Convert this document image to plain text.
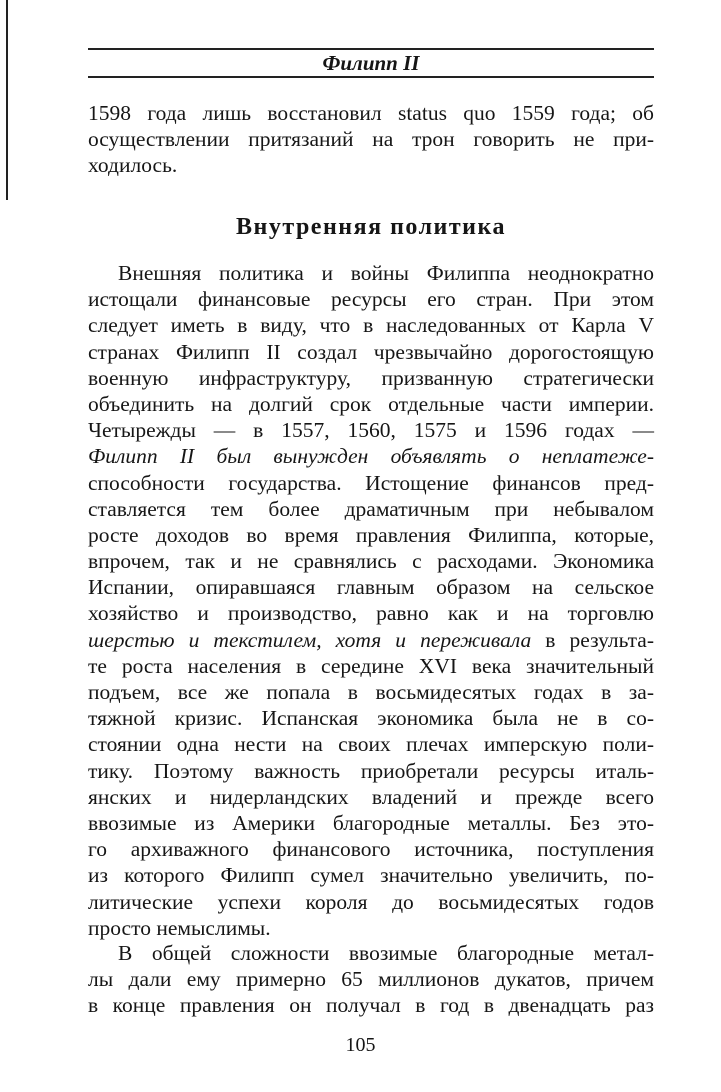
Филипп II
1598 года лишь восстановил status quo 1559 года; об
осуществлении притязаний на трон говорить не при-
ходилось.
Внутренняя политика
Внешняя политика и войны Филиппа неоднократно
истощали финансовые ресурсы его стран. При этом
следует иметь в виду, что в наследованных от Карла V
странах Филипп II создал чрезвычайно дорогостоящую
военную инфраструктуру, призванную стратегически
объединить на долгий срок отдельные части империи.
Четырежды — в 1557, 1560, 1575 и 1596 годах —
Филипп II был вынужден объявлять о неплатеже-
способности государства. Истощение финансов пред-
ставляется тем более драматичным при небывалом
росте доходов во время правления Филиппа, которые,
впрочем, так и не сравнялись с расходами. Экономика
Испании, опиравшаяся главным образом на сельское
хозяйство и производство, равно как и на торговлю
шерстью и текстилем, хотя и переживала в результа-
те роста населения в середине XVI века значительный
подъем, все же попала в восьмидесятых годах в за-
тяжной кризис. Испанская экономика была не в со-
стоянии одна нести на своих плечах имперскую поли-
тику. Поэтому важность приобретали ресурсы италь-
янских и нидерландских владений и прежде всего
ввозимые из Америки благородные металлы. Без это-
го архиважного финансового источника, поступления
из которого Филипп сумел значительно увеличить, по-
литические успехи короля до восьмидесятых годов
просто немыслимы.
В общей сложности ввозимые благородные метал-
лы дали ему примерно 65 миллионов дукатов, причем
в конце правления он получал в год в двенадцать раз
105
